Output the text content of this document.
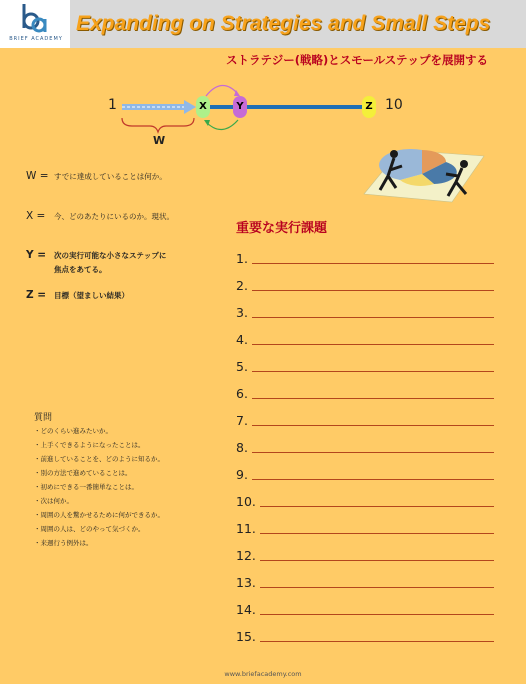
BRIEF ACADEMY
Expanding on Strategies and Small Steps
ストラテジー(戦略)とスモールステップを展開する
1	X	Y	Z 10
W
W = すでに達成していることは何か。
X = 今、どのあたりにいるのか。現状。
Y = 次の実行可能な小さなステップに
焦点をあてる。
Z = 目標（望ましい結果）
重要な実行課題
1.
2.
3.
4.
5.
6.
7.
8.
9.
10.
11.
12.
13.
14.
15.
質問
・どのくらい進みたいか。
・上手くできるようになったことは。
・前進していることを、どのように知るか。
・別の方法で進めていることは。
・初めにできる一番簡単なことは。
・次は何か。
・周囲の人を驚かせるために何ができるか。
・周囲の人は、どのやって気づくか。
・来週行う例外は。
www.briefacademy.com
